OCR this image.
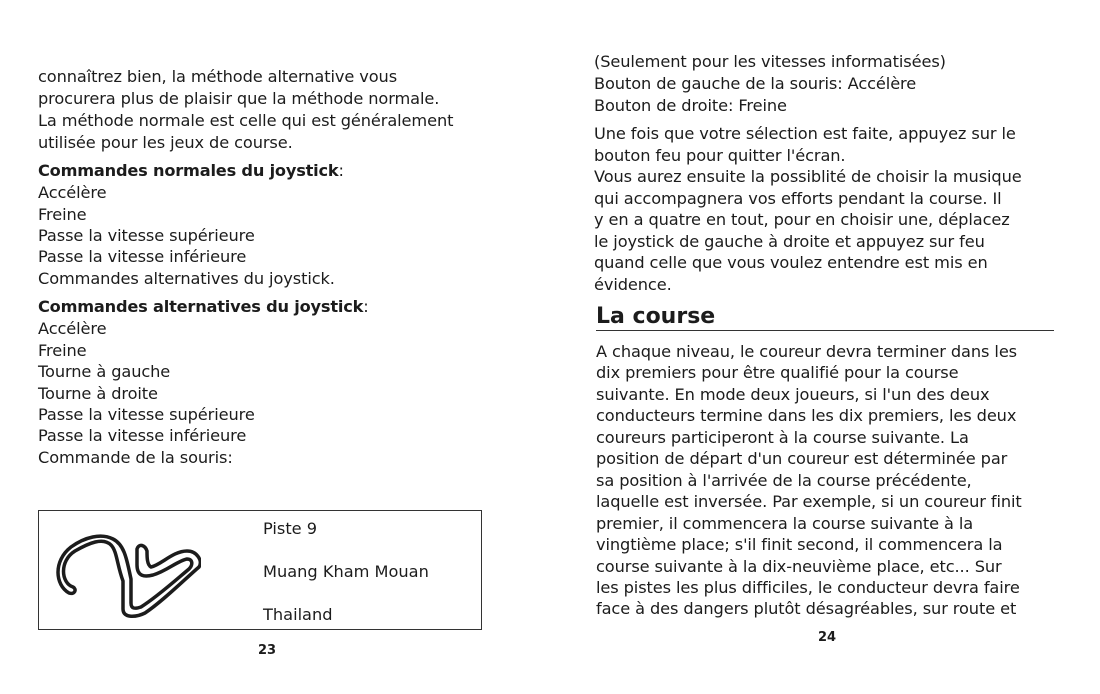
connaîtrez bien, la méthode alternative vous
procurera plus de plaisir que la méthode normale.
La méthode normale est celle qui est généralement
utilisée pour les jeux de course.
Commandes normales du joystick:
Accélère
Freine
Passe la vitesse supérieure
Passe la vitesse inférieure
Commandes alternatives du joystick.
Commandes alternatives du joystick:
Accélère
Freine
Tourne à gauche
Tourne à droite
Passe la vitesse supérieure
Passe la vitesse inférieure
Commande de la souris:
Piste 9
Muang Kham Mouan
Thailand
23
(Seulement pour les vitesses informatisées)
Bouton de gauche de la souris: Accélère
Bouton de droite: Freine
Une fois que votre sélection est faite, appuyez sur le
bouton feu pour quitter l'écran.
Vous aurez ensuite la possiblité de choisir la musique
qui accompagnera vos efforts pendant la course. Il
y en a quatre en tout, pour en choisir une, déplacez
le joystick de gauche à droite et appuyez sur feu
quand celle que vous voulez entendre est mis en
évidence.
La course
A chaque niveau, le coureur devra terminer dans les
dix premiers pour être qualifié pour la course
suivante. En mode deux joueurs, si l'un des deux
conducteurs termine dans les dix premiers, les deux
coureurs participeront à la course suivante. La
position de départ d'un coureur est déterminée par
sa position à l'arrivée de la course précédente,
laquelle est inversée. Par exemple, si un coureur finit
premier, il commencera la course suivante à la
vingtième place; s'il finit second, il commencera la
course suivante à la dix-neuvième place, etc... Sur
les pistes les plus difficiles, le conducteur devra faire
face à des dangers plutôt désagréables, sur route et
24
